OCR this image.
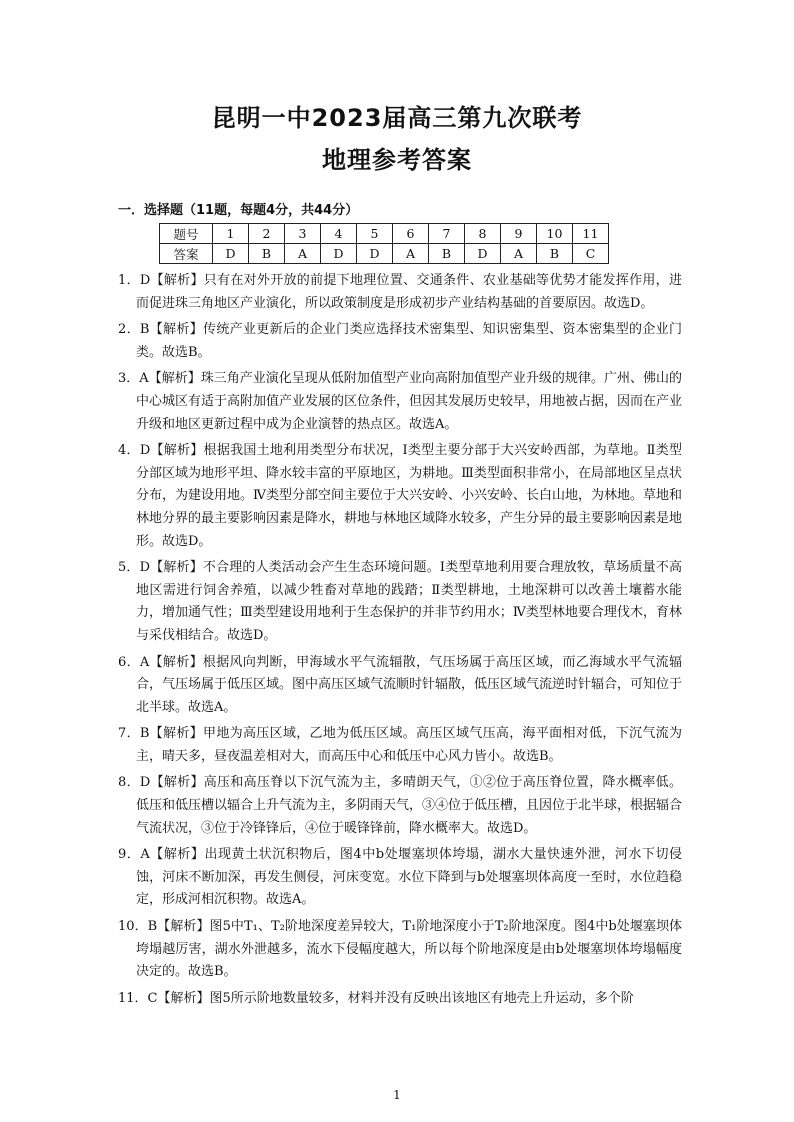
昆明一中2023届高三第九次联考
地理参考答案
一．选择题（11题，每题4分，共44分）
题号	1	2	3	4	5	6	7	8	9	10	11
答案	D	B	A	D	D	A	B	D	A	B	C
1．D【解析】只有在对外开放的前提下地理位置、交通条件、农业基础等优势才能发挥作用，进而促进珠三角地区产业演化，所以政策制度是形成初步产业结构基础的首要原因。故选D。
2．B【解析】传统产业更新后的企业门类应选择技术密集型、知识密集型、资本密集型的企业门类。故选B。
3．A【解析】珠三角产业演化呈现从低附加值型产业向高附加值型产业升级的规律。广州、佛山的中心城区有适于高附加值产业发展的区位条件，但因其发展历史较早，用地被占据，因而在产业升级和地区更新过程中成为企业演替的热点区。故选A。
4．D【解析】根据我国土地利用类型分布状况，Ⅰ类型主要分部于大兴安岭西部，为草地。Ⅱ类型分部区域为地形平坦、降水较丰富的平原地区，为耕地。Ⅲ类型面积非常小，在局部地区呈点状分布，为建设用地。Ⅳ类型分部空间主要位于大兴安岭、小兴安岭、长白山地，为林地。草地和林地分界的最主要影响因素是降水，耕地与林地区域降水较多，产生分异的最主要影响因素是地形。故选D。
5．D【解析】不合理的人类活动会产生生态环境问题。Ⅰ类型草地利用要合理放牧，草场质量不高地区需进行饲舍养殖，以减少牲畜对草地的践踏；Ⅱ类型耕地，土地深耕可以改善土壤蓄水能力，增加通气性；Ⅲ类型建设用地利于生态保护的并非节约用水；Ⅳ类型林地要合理伐木，育林与采伐相结合。故选D。
6．A【解析】根据风向判断，甲海域水平气流辐散，气压场属于高压区域，而乙海域水平气流辐合，气压场属于低压区域。图中高压区域气流顺时针辐散，低压区域气流逆时针辐合，可知位于北半球。故选A。
7．B【解析】甲地为高压区域，乙地为低压区域。高压区域气压高，海平面相对低，下沉气流为主，晴天多，昼夜温差相对大，而高压中心和低压中心风力皆小。故选B。
8．D【解析】高压和高压脊以下沉气流为主，多晴朗天气，①②位于高压脊位置，降水概率低。低压和低压槽以辐合上升气流为主，多阴雨天气，③④位于低压槽，且因位于北半球，根据辐合气流状况，③位于冷锋锋后，④位于暖锋锋前，降水概率大。故选D。
9．A【解析】出现黄土状沉积物后，图4中b处堰塞坝体垮塌，湖水大量快速外泄，河水下切侵蚀，河床不断加深，再发生侧侵，河床变宽。水位下降到与b处堰塞坝体高度一至时，水位趋稳定，形成河相沉积物。故选A。
10．B【解析】图5中T₁、T₂阶地深度差异较大，T₁阶地深度小于T₂阶地深度。图4中b处堰塞坝体垮塌越厉害，湖水外泄越多，流水下侵幅度越大，所以每个阶地深度是由b处堰塞坝体垮塌幅度决定的。故选B。
11．C【解析】图5所示阶地数量较多，材料并没有反映出该地区有地壳上升运动，多个阶
1
